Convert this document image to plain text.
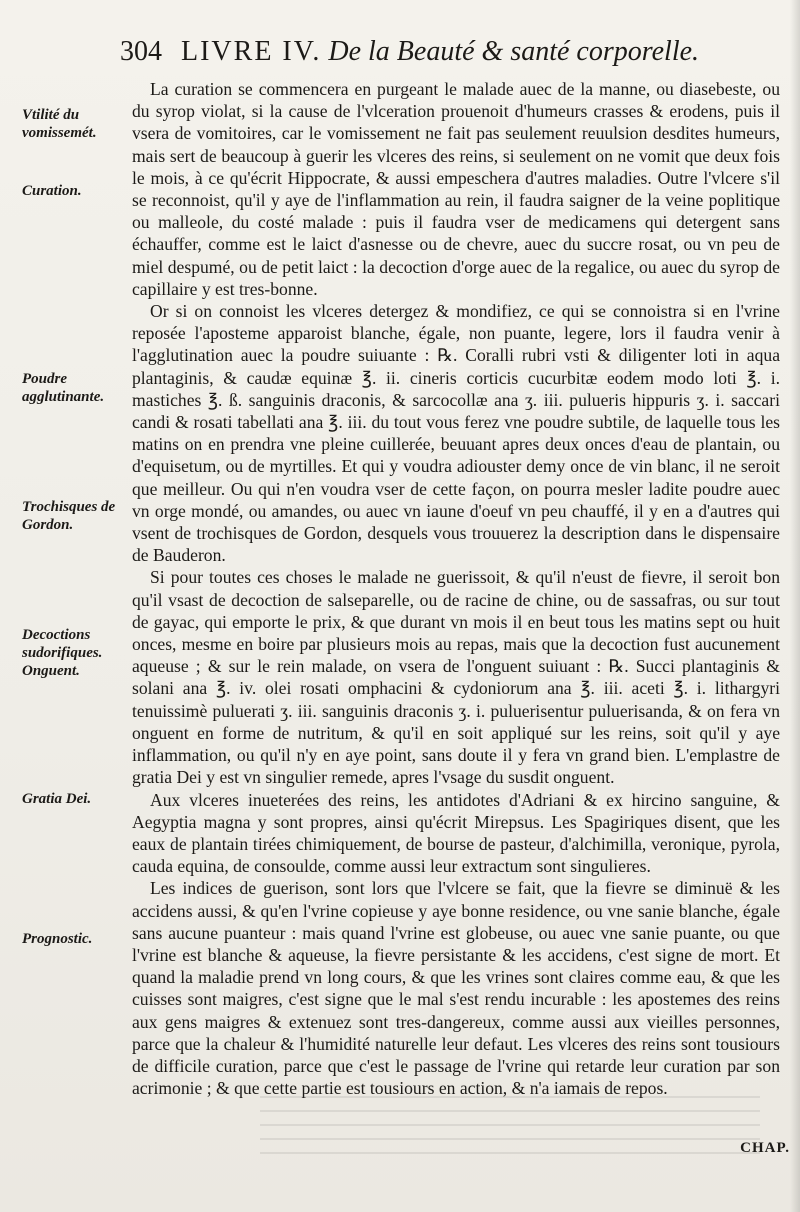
304 LIVRE IV. De la Beauté & santé corporelle.
Vtilité du vomissemét.
Curation.
Poudre agglutinante.
Trochisques de Gordon.
Decoctions sudorifiques. Onguent.
Gratia Dei.
Prognostic.

La curation se commencera en purgeant le malade auec de la manne, ou diasebeste, ou du syrop violat, si la cause de l'vlceration prouenoit d'humeurs crasses & erodens, puis il vsera de vomitoires, car le vomissement ne fait pas seulement reuulsion desdites humeurs, mais sert de beaucoup à guerir les vlceres des reins, si seulement on ne vomit que deux fois le mois, à ce qu'écrit Hippocrate, & aussi empeschera d'autres maladies. Outre l'vlcere s'il se reconnoist, qu'il y aye de l'inflammation au rein, il faudra saigner de la veine poplitique ou malleole, du costé malade : puis il faudra vser de medicamens qui detergent sans échauffer, comme est le laict d'asnesse ou de chevre, auec du succre rosat, ou vn peu de miel despumé, ou de petit laict : la decoction d'orge auec de la regalice, ou auec du syrop de capillaire y est tres-bonne.

Or si on connoist les vlceres detergez & mondifiez, ce qui se connoistra si en l'vrine reposée l'aposteme apparoist blanche, égale, non puante, legere, lors il faudra venir à l'agglutination auec la poudre suiuante : ℞. Coralli rubri vsti & diligenter loti in aqua plantaginis, & caudæ equinæ ℥. ii. cineris corticis cucurbitæ eodem modo loti ℥. i. mastiches ℥. ß. sanguinis draconis, & sarcocollæ ana ʒ. iii. pulueris hippuris ʒ. i. saccari candi & rosati tabellati ana ℥. iii. du tout vous ferez vne poudre subtile, de laquelle tous les matins on en prendra vne pleine cuillerée, beuuant apres deux onces d'eau de plantain, ou d'equisetum, ou de myrtilles. Et qui y voudra adiouster demy once de vin blanc, il ne seroit que meilleur. Ou qui n'en voudra vser de cette façon, on pourra mesler ladite poudre auec vn orge mondé, ou amandes, ou auec vn iaune d'oeuf vn peu chauffé, il y en a d'autres qui vsent de trochisques de Gordon, desquels vous trouuerez la description dans le dispensaire de Bauderon.

Si pour toutes ces choses le malade ne guerissoit, & qu'il n'eust de fievre, il seroit bon qu'il vsast de decoction de salseparelle, ou de racine de chine, ou de sassafras, ou sur tout de gayac, qui emporte le prix, & que durant vn mois il en beut tous les matins sept ou huit onces, mesme en boire par plusieurs mois au repas, mais que la decoction fust aucunement aqueuse ; & sur le rein malade, on vsera de l'onguent suiuant : ℞. Succi plantaginis & solani ana ℥. iv. olei rosati omphacini & cydoniorum ana ℥. iii. aceti ℥. i. lithargyri tenuissimè puluerati ʒ. iii. sanguinis draconis ʒ. i. puluerisentur puluerisanda, & on fera vn onguent en forme de nutritum, & qu'il en soit appliqué sur les reins, soit qu'il y aye inflammation, ou qu'il n'y en aye point, sans doute il y fera vn grand bien. L'emplastre de gratia Dei y est vn singulier remede, apres l'vsage du susdit onguent.

Aux vlceres inueterées des reins, les antidotes d'Adriani & ex hircino sanguine, & Aegyptia magna y sont propres, ainsi qu'écrit Mirepsus. Les Spagiriques disent, que les eaux de plantain tirées chimiquement, de bourse de pasteur, d'alchimilla, veronique, pyrola, cauda equina, de consoulde, comme aussi leur extractum sont singulieres.

Les indices de guerison, sont lors que l'vlcere se fait, que la fievre se diminuë & les accidens aussi, & qu'en l'vrine copieuse y aye bonne residence, ou vne sanie blanche, égale sans aucune puanteur : mais quand l'vrine est globeuse, ou auec vne sanie puante, ou que l'vrine est blanche & aqueuse, la fievre persistante & les accidens, c'est signe de mort. Et quand la maladie prend vn long cours, & que les vrines sont claires comme eau, & que les cuisses sont maigres, c'est signe que le mal s'est rendu incurable : les apostemes des reins aux gens maigres & extenuez sont tres-dangereux, comme aussi aux vieilles personnes, parce que la chaleur & l'humidité naturelle leur defaut. Les vlceres des reins sont tousiours de difficile curation, parce que c'est le passage de l'vrine qui retarde leur curation par son acrimonie ; & que cette partie est tousiours en action, & n'a iamais de repos.

CHAP.
